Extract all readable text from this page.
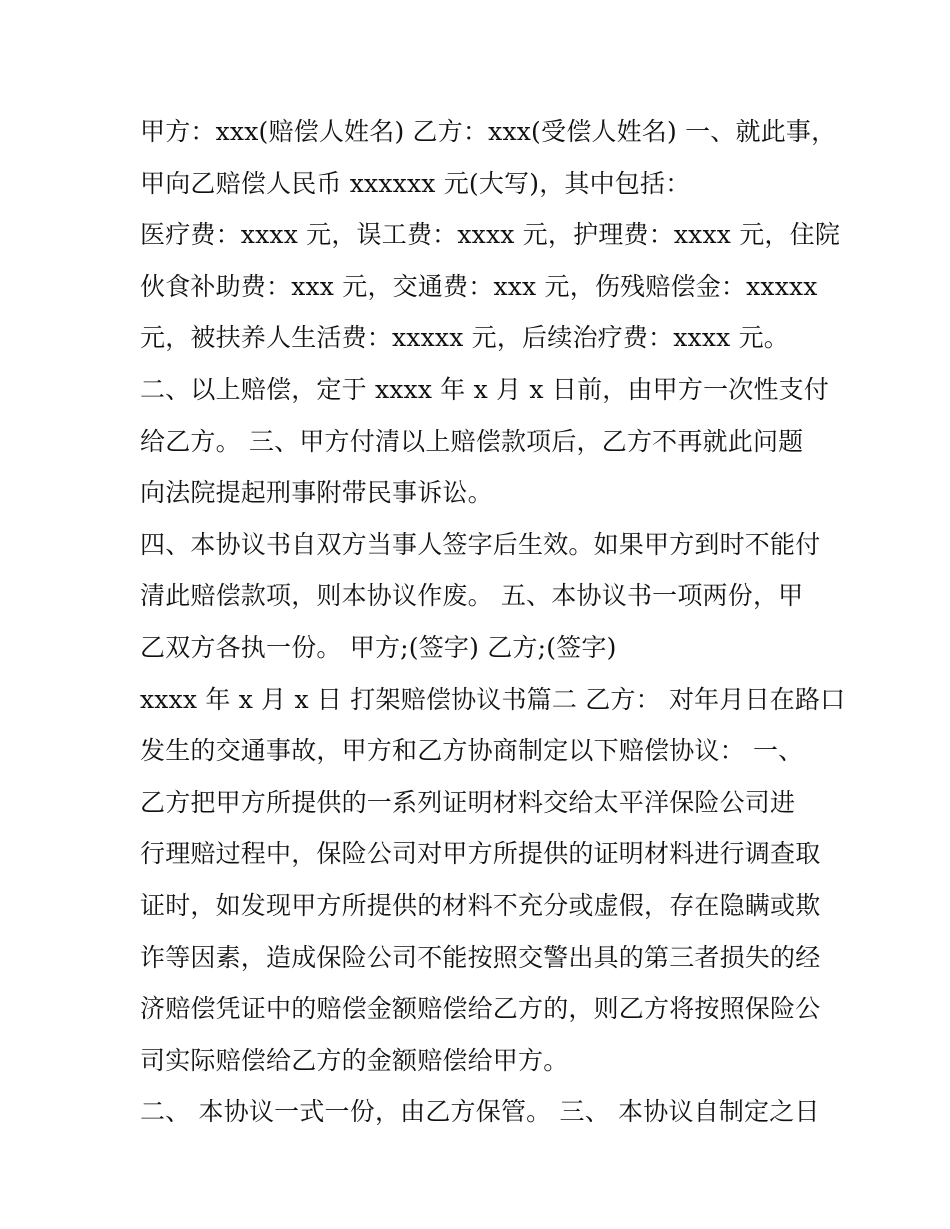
甲方：xxx(赔偿人姓名) 乙方：xxx(受偿人姓名) 一、就此事，
甲向乙赔偿人民币 xxxxxx 元(大写)，其中包括：
医疗费：xxxx 元，误工费：xxxx 元，护理费：xxxx 元，住院
伙食补助费：xxx 元，交通费：xxx 元，伤残赔偿金：xxxxx
元，被扶养人生活费：xxxxx 元，后续治疗费：xxxx 元。
二、以上赔偿，定于 xxxx 年 x 月 x 日前，由甲方一次性支付
给乙方。 三、甲方付清以上赔偿款项后，乙方不再就此问题
向法院提起刑事附带民事诉讼。
四、本协议书自双方当事人签字后生效。如果甲方到时不能付
清此赔偿款项，则本协议作废。 五、本协议书一项两份，甲
乙双方各执一份。 甲方;(签字) 乙方;(签字)
xxxx 年 x 月 x 日 打架赔偿协议书篇二 乙方： 对年月日在路口
发生的交通事故，甲方和乙方协商制定以下赔偿协议： 一、
乙方把甲方所提供的一系列证明材料交给太平洋保险公司进
行理赔过程中，保险公司对甲方所提供的证明材料进行调查取
证时，如发现甲方所提供的材料不充分或虚假，存在隐瞒或欺
诈等因素，造成保险公司不能按照交警出具的第三者损失的经
济赔偿凭证中的赔偿金额赔偿给乙方的，则乙方将按照保险公
司实际赔偿给乙方的金额赔偿给甲方。
二、 本协议一式一份，由乙方保管。 三、 本协议自制定之日
